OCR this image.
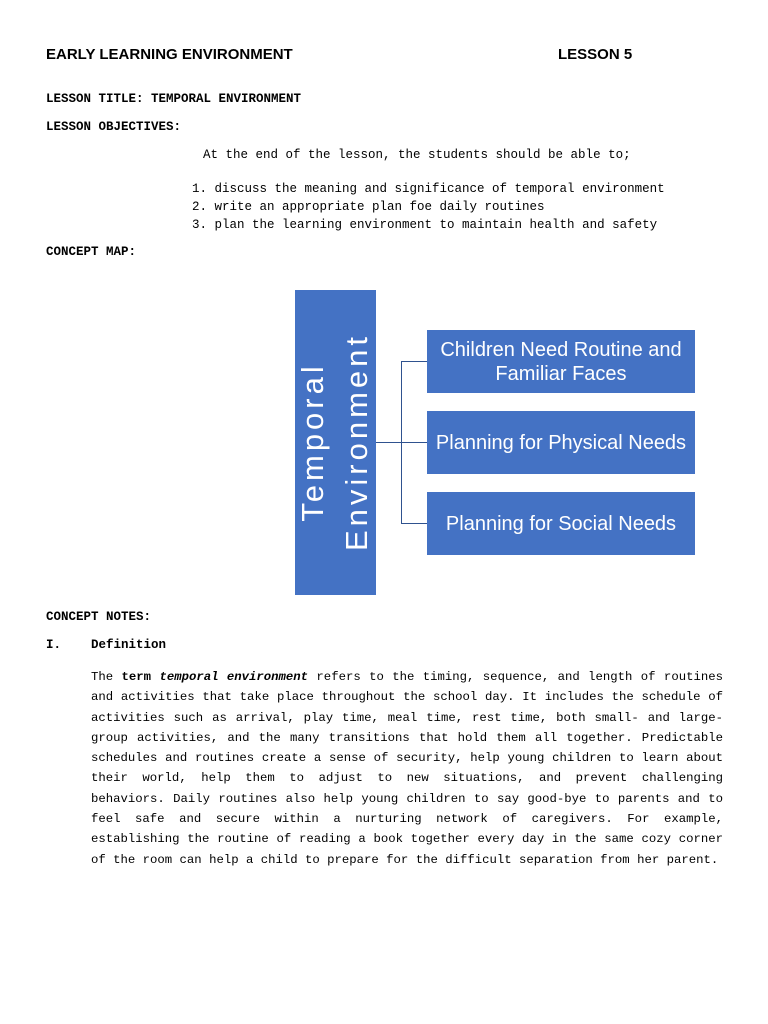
EARLY LEARNING ENVIRONMENT	LESSON 5
LESSON TITLE: TEMPORAL ENVIRONMENT
LESSON OBJECTIVES:
At the end of the lesson, the students should be able to;
1. discuss the meaning and significance of temporal environment
2. write an appropriate plan foe daily routines
3. plan the learning environment to maintain health and safety
CONCEPT MAP:
Temporal Environment	Children Need Routine and Familiar Faces
Planning for Physical Needs
Planning for Social Needs
CONCEPT NOTES:
I. Definition
The term temporal environment refers to the timing, sequence, and length of routines and activities that take place throughout the school day. It includes the schedule of activities such as arrival, play time, meal time, rest time, both small- and large-group activities, and the many transitions that hold them all together. Predictable schedules and routines create a sense of security, help young children to learn about their world, help them to adjust to new situations, and prevent challenging behaviors. Daily routines also help young children to say good-bye to parents and to feel safe and secure within a nurturing network of caregivers. For example, establishing the routine of reading a book together every day in the same cozy corner of the room can help a child to prepare for the difficult separation from her parent.
